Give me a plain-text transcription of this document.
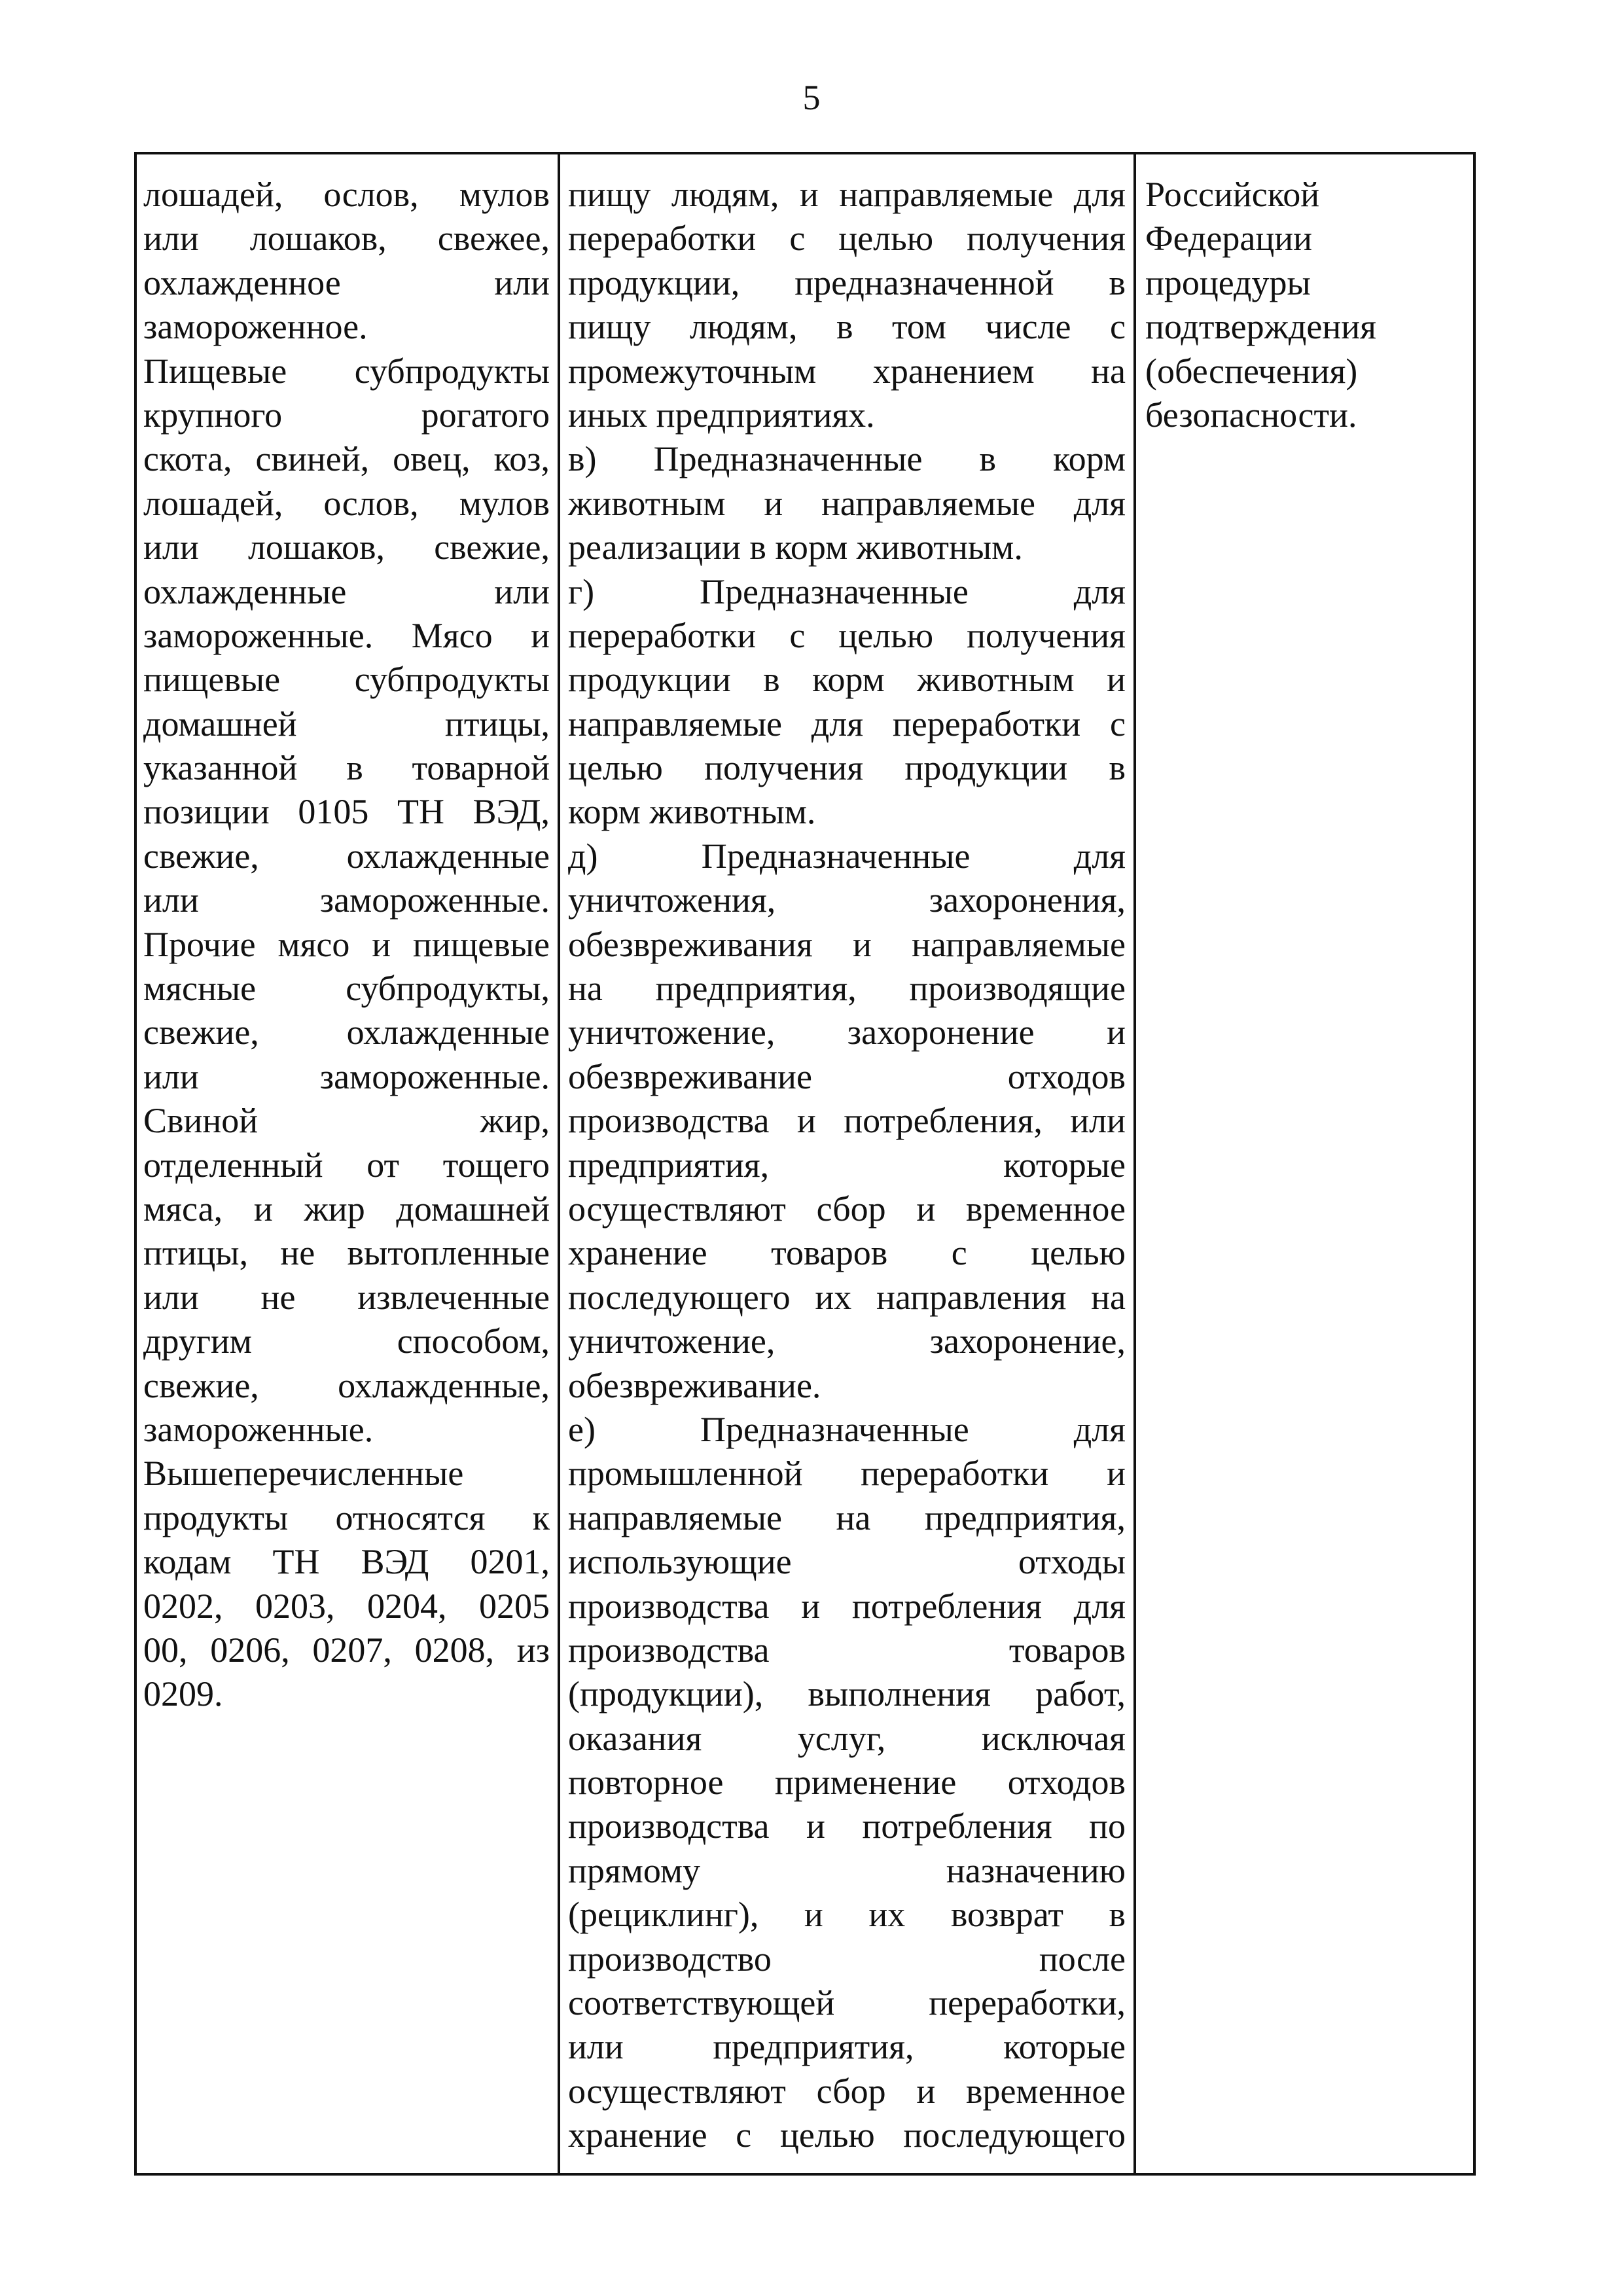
5
лошадей, ослов, мулов
или лошаков, свежее,
охлажденное или
замороженное.
Пищевые субпродукты
крупного рогатого
скота, свиней, овец, коз,
лошадей, ослов, мулов
или лошаков, свежие,
охлажденные или
замороженные. Мясо и
пищевые субпродукты
домашней птицы,
указанной в товарной
позиции 0105 ТН ВЭД,
свежие, охлажденные
или замороженные.
Прочие мясо и пищевые
мясные субпродукты,
свежие, охлажденные
или замороженные.
Свиной жир,
отделенный от тощего
мяса, и жир домашней
птицы, не вытопленные
или не извлеченные
другим способом,
свежие, охлажденные,
замороженные.
Вышеперечисленные
продукты относятся к
кодам ТН ВЭД 0201,
0202, 0203, 0204, 0205
00, 0206, 0207, 0208, из
0209.
пищу людям, и направляемые для
переработки с целью получения
продукции, предназначенной в
пищу людям, в том числе с
промежуточным хранением на
иных предприятиях.
в) Предназначенные в корм
животным и направляемые для
реализации в корм животным.
г) Предназначенные для
переработки с целью получения
продукции в корм животным и
направляемые для переработки с
целью получения продукции в
корм животным.
д) Предназначенные для
уничтожения, захоронения,
обезвреживания и направляемые
на предприятия, производящие
уничтожение, захоронение и
обезвреживание отходов
производства и потребления, или
предприятия, которые
осуществляют сбор и временное
хранение товаров с целью
последующего их направления на
уничтожение, захоронение,
обезвреживание.
е) Предназначенные для
промышленной переработки и
направляемые на предприятия,
использующие отходы
производства и потребления для
производства товаров
(продукции), выполнения работ,
оказания услуг, исключая
повторное применение отходов
производства и потребления по
прямому назначению
(рециклинг), и их возврат в
производство после
соответствующей переработки,
или предприятия, которые
осуществляют сбор и временное
хранение с целью последующего
Российской
Федерации
процедуры
подтверждения
(обеспечения)
безопасности.
